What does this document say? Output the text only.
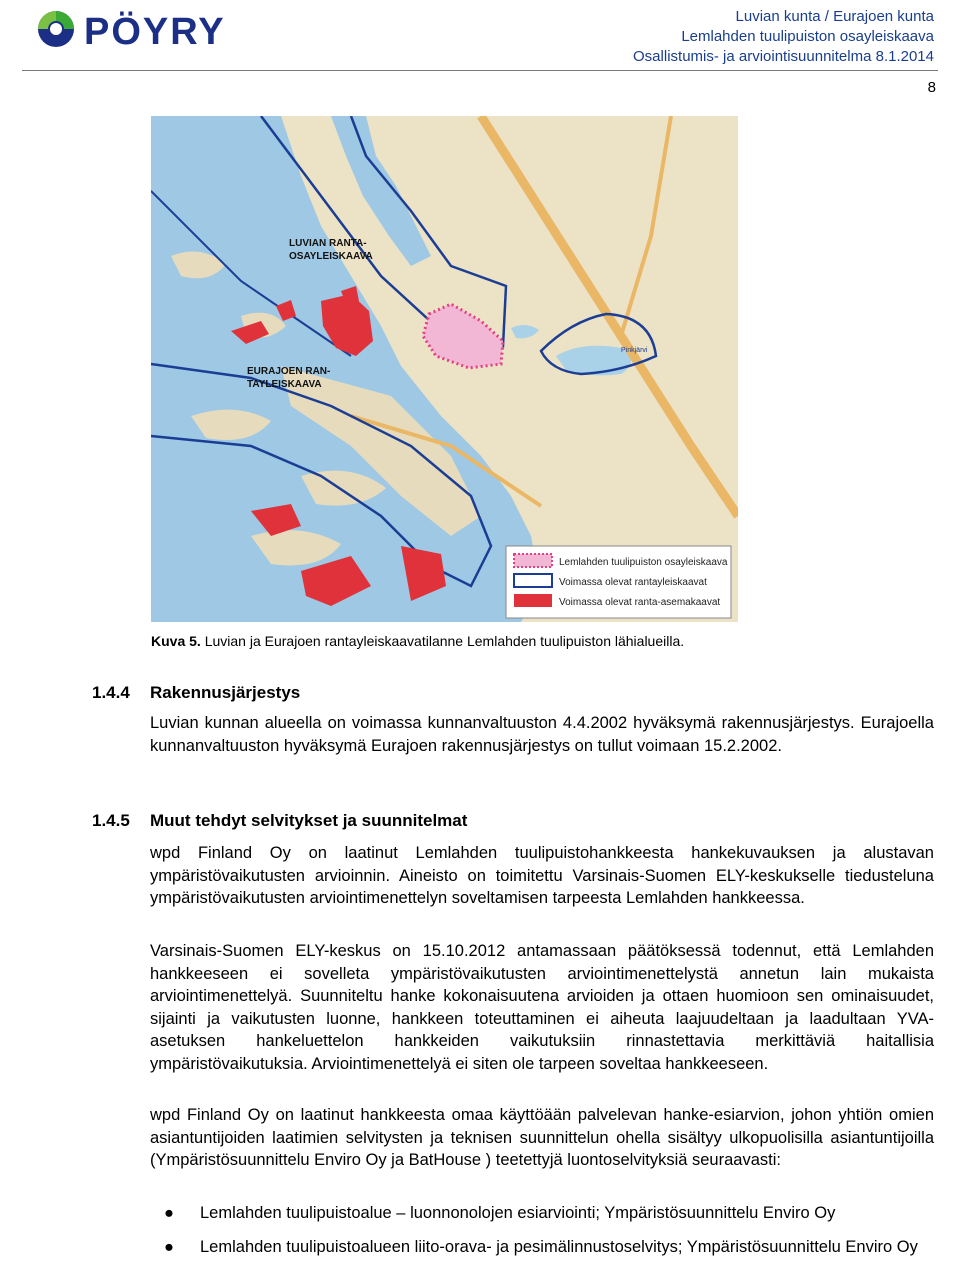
PÖYRY	Luvian kunta / Eurajoen kunta
Lemlahden tuulipuiston osayleiskaava
Osallistumis- ja arviointisuunnitelma 8.1.2014
8
LUVIAN RANTA- OSAYLEISKAAVA
EURAJOEN RAN- TAYLEISKAAVA
Pinkjärvi
Lemlahden tuulipuiston osayleiskaava
Voimassa olevat rantayleiskaavat
Voimassa olevat ranta-asemakaavat
Kuva 5. Luvian ja Eurajoen rantayleiskaavatilanne Lemlahden tuulipuiston lähialueilla.
1.4.4 Rakennusjärjestys

Luvian kunnan alueella on voimassa kunnanvaltuuston 4.4.2002 hyväksymä rakennusjärjestys. Eurajoella kunnanvaltuuston hyväksymä Eurajoen rakennusjärjestys on tullut voimaan 15.2.2002.

1.4.5 Muut tehdyt selvitykset ja suunnitelmat

wpd Finland Oy on laatinut Lemlahden tuulipuistohankkeesta hankekuvauksen ja alustavan ympäristövaikutusten arvioinnin. Aineisto on toimitettu Varsinais-Suomen ELY-keskukselle tiedusteluna ympäristövaikutusten arviointimenettelyn soveltamisen tarpeesta Lemlahden hankkeessa.

Varsinais-Suomen ELY-keskus on 15.10.2012 antamassaan päätöksessä todennut, että Lemlahden hankkeeseen ei sovelleta ympäristövaikutusten arviointimenettelystä annetun lain mukaista arviointimenettelyä. Suunniteltu hanke kokonaisuutena arvioiden ja ottaen huomioon sen ominaisuudet, sijainti ja vaikutusten luonne, hankkeen toteuttaminen ei aiheuta laajuudeltaan ja laadultaan YVA-asetuksen hankeluettelon hankkeiden vaikutuksiin rinnastettavia merkittäviä haitallisia ympäristövaikutuksia. Arviointimenettelyä ei siten ole tarpeen soveltaa hankkeeseen.

wpd Finland Oy on laatinut hankkeesta omaa käyttöään palvelevan hanke-esiarvion, johon yhtiön omien asiantuntijoiden laatimien selvitysten ja teknisen suunnittelun ohella sisältyy ulkopuolisilla asiantuntijoilla (Ympäristösuunnittelu Enviro Oy ja BatHouse ) teetettyjä luontoselvityksiä seuraavasti:

● Lemlahden tuulipuistoalue – luonnonolojen esiarviointi; Ympäristösuunnittelu Enviro Oy
● Lemlahden tuulipuistoalueen liito-orava- ja pesimälinnustoselvitys; Ympäristösuunnittelu Enviro Oy
